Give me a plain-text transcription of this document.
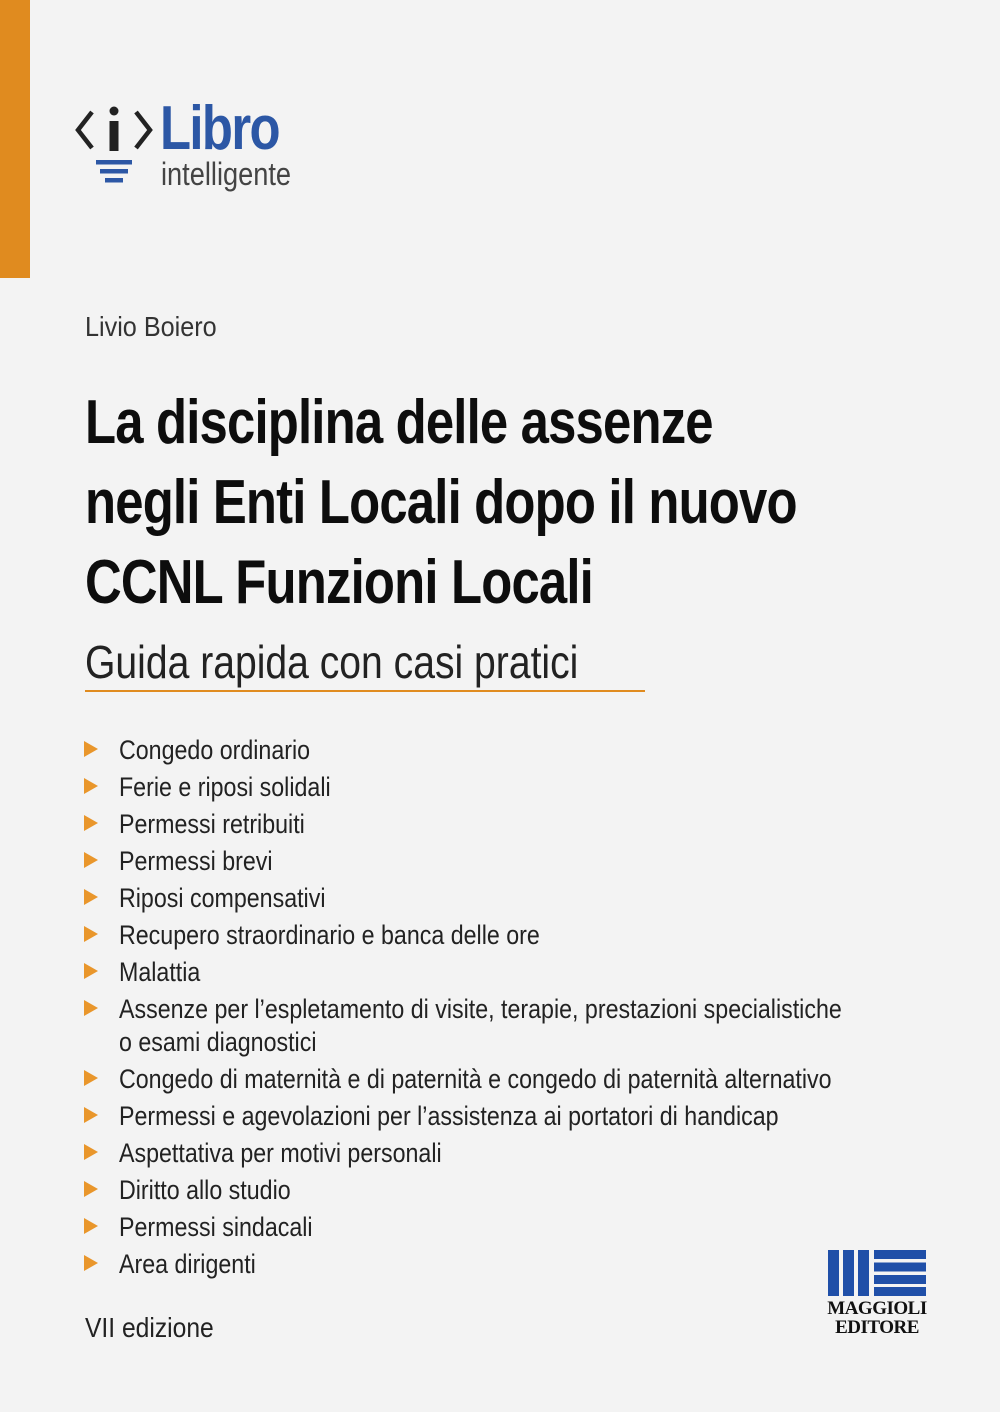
Libro
intelligente
Livio Boiero
La disciplina delle assenze
negli Enti Locali dopo il nuovo
CCNL Funzioni Locali
Guida rapida con casi pratici
Congedo ordinario
Ferie e riposi solidali
Permessi retribuiti
Permessi brevi
Riposi compensativi
Recupero straordinario e banca delle ore
Malattia
Assenze per l’espletamento di visite, terapie, prestazioni specialistiche
o esami diagnostici
Congedo di maternità e di paternità e congedo di paternità alternativo
Permessi e agevolazioni per l’assistenza ai portatori di handicap
Aspettativa per motivi personali
Diritto allo studio
Permessi sindacali
Area dirigenti
VII edizione
MAGGIOLI
EDITORE
